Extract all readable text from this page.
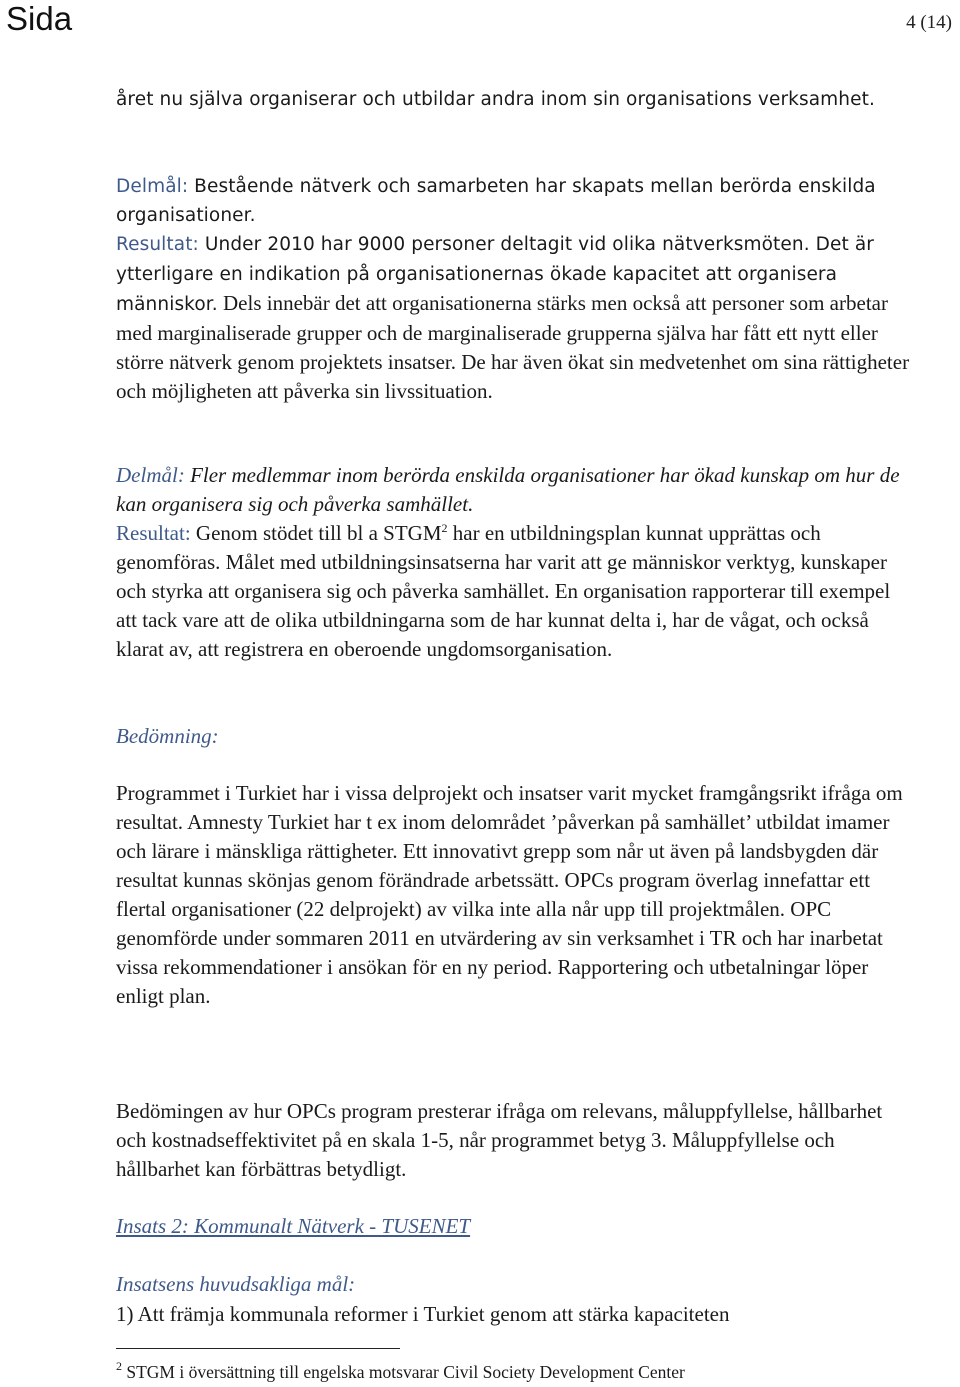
Sida	4 (14)

året nu själva organiserar och utbildar andra inom sin organisations verksamhet.

Delmål: Bestående nätverk och samarbeten har skapats mellan berörda enskilda organisationer.

Resultat: Under 2010 har 9000 personer deltagit vid olika nätverksmöten. Det är ytterligare en indikation på organisationernas ökade kapacitet att organisera människor. Dels innebär det att organisationerna stärks men också att personer som arbetar med marginaliserade grupper och de marginaliserade grupperna själva har fått ett nytt eller större nätverk genom projektets insatser. De har även ökat sin medvetenhet om sina rättigheter och möjligheten att påverka sin livssituation.

Delmål: Fler medlemmar inom berörda enskilda organisationer har ökad kunskap om hur de kan organisera sig och påverka samhället.

Resultat: Genom stödet till bl a STGM$^2$ har en utbildningsplan kunnat upprättas och genomföras. Målet med utbildningsinsatserna har varit att ge människor verktyg, kunskaper och styrka att organisera sig och påverka samhället. En organisation rapporterar till exempel att tack vare att de olika utbildningarna som de har kunnat delta i, har de vågat, och också klarat av, att registrera en oberoende ungdomsorganisation.

Bedömning:

Programmet i Turkiet har i vissa delprojekt och insatser varit mycket framgångsrikt ifråga om resultat. Amnesty Turkiet har t ex inom delområdet ’påverkan på samhället’ utbildat imamer och lärare i mänskliga rättigheter. Ett innovativt grepp som når ut även på landsbygden där resultat kunnas skönjas genom förändrade arbetssätt. OPCs program överlag innefattar ett flertal organisationer (22 delprojekt) av vilka inte alla når upp till projektmålen. OPC genomförde under sommaren 2011 en utvärdering av sin verksamhet i TR och har inarbetat vissa rekommendationer i ansökan för en ny period. Rapportering och utbetalningar löper enligt plan.

Bedömingen av hur OPCs program presterar ifråga om relevans, måluppfyllelse, hållbarhet och kostnadseffektivitet på en skala 1-5, når programmet betyg 3. Måluppfyllelse och hållbarhet kan förbättras betydligt.

Insats 2: Kommunalt Nätverk - TUSENET

Insatsens huvudsakliga mål:

1) Att främja kommunala reformer i Turkiet genom att stärka kapaciteten

$^2$ STGM i översättning till engelska motsvarar Civil Society Development Center
